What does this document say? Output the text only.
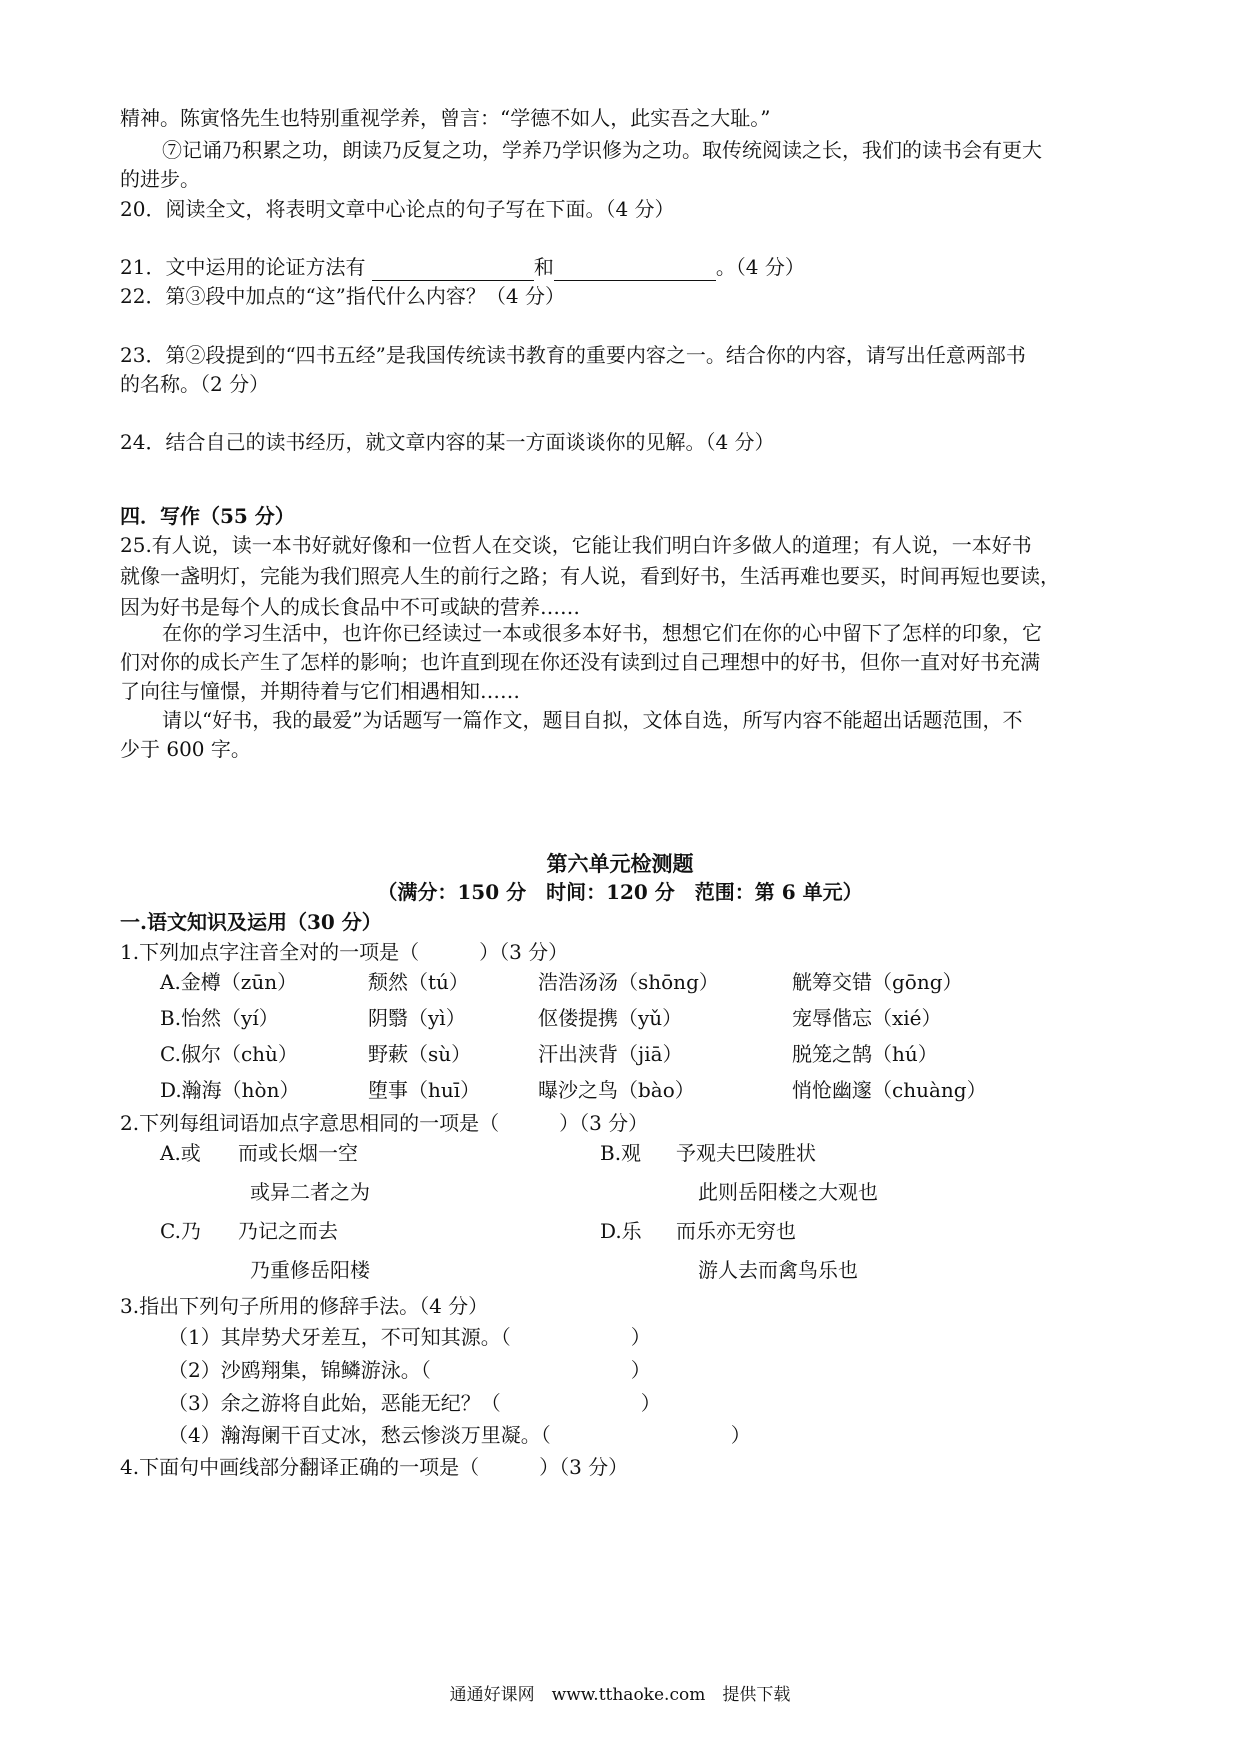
精神。陈寅恪先生也特别重视学养，曾言：“学德不如人，此实吾之大耻。”
⑦记诵乃积累之功，朗读乃反复之功，学养乃学识修为之功。取传统阅读之长，我们的读书会有更大
的进步。
20．阅读全文，将表明文章中心论点的句子写在下面。（4 分）
21．文中运用的论证方法有	和	。（4 分）
22．第③段中加点的“这”指代什么内容？（4 分）
23．第②段提到的“四书五经”是我国传统读书教育的重要内容之一。结合你的内容，请写出任意两部书
的名称。（2 分）
24．结合自己的读书经历，就文章内容的某一方面谈谈你的见解。（4 分）
四．写作（55 分）
25.有人说，读一本书好就好像和一位哲人在交谈，它能让我们明白许多做人的道理；有人说，一本好书
就像一盏明灯，完能为我们照亮人生的前行之路；有人说，看到好书，生活再难也要买，时间再短也要读，
因为好书是每个人的成长食品中不可或缺的营养……
在你的学习生活中，也许你已经读过一本或很多本好书，想想它们在你的心中留下了怎样的印象，它
们对你的成长产生了怎样的影响；也许直到现在你还没有读到过自己理想中的好书，但你一直对好书充满
了向往与憧憬，并期待着与它们相遇相知……
请以“好书，我的最爱”为话题写一篇作文，题目自拟，文体自选，所写内容不能超出话题范围，不
少于 600 字。
第六单元检测题
（满分：150 分　时间：120 分　范围：第 6 单元）
一.语文知识及运用（30 分）
1.下列加点字注音全对的一项是（　　　）（3 分）
A.金樽（zūn）	颓然（tú）	浩浩汤汤（shōng）	觥筹交错（gōng）
B.怡然（yí）	阴翳（yì）	伛偻提携（yǔ）	宠辱偕忘（xié）
C.俶尔（chù）	野蔌（sù）	汗出浃背（jiā）	脱笼之鹄（hú）
D.瀚海（hòn）	堕事（huī）	曝沙之鸟（bào）	悄怆幽邃（chuàng）
2.下列每组词语加点字意思相同的一项是（　　　）（3 分）
A.或 而或长烟一空
或异二者之为
B.观 予观夫巴陵胜状
此则岳阳楼之大观也
C.乃 乃记之而去
乃重修岳阳楼
D.乐 而乐亦无穷也
游人去而禽鸟乐也
3.指出下列句子所用的修辞手法。（4 分）
（1）其岸势犬牙差互，不可知其源。（　　　　　　）
（2）沙鸥翔集，锦鳞游泳。（　　　　　　　　　　）
（3）余之游将自此始，恶能无纪？（　　　　　　　）
（4）瀚海阑干百丈冰，愁云惨淡万里凝。（　　　　　　　　　）
4.下面句中画线部分翻译正确的一项是（　　　）（3 分）
通通好课网　www.tthaoke.com　提供下载
